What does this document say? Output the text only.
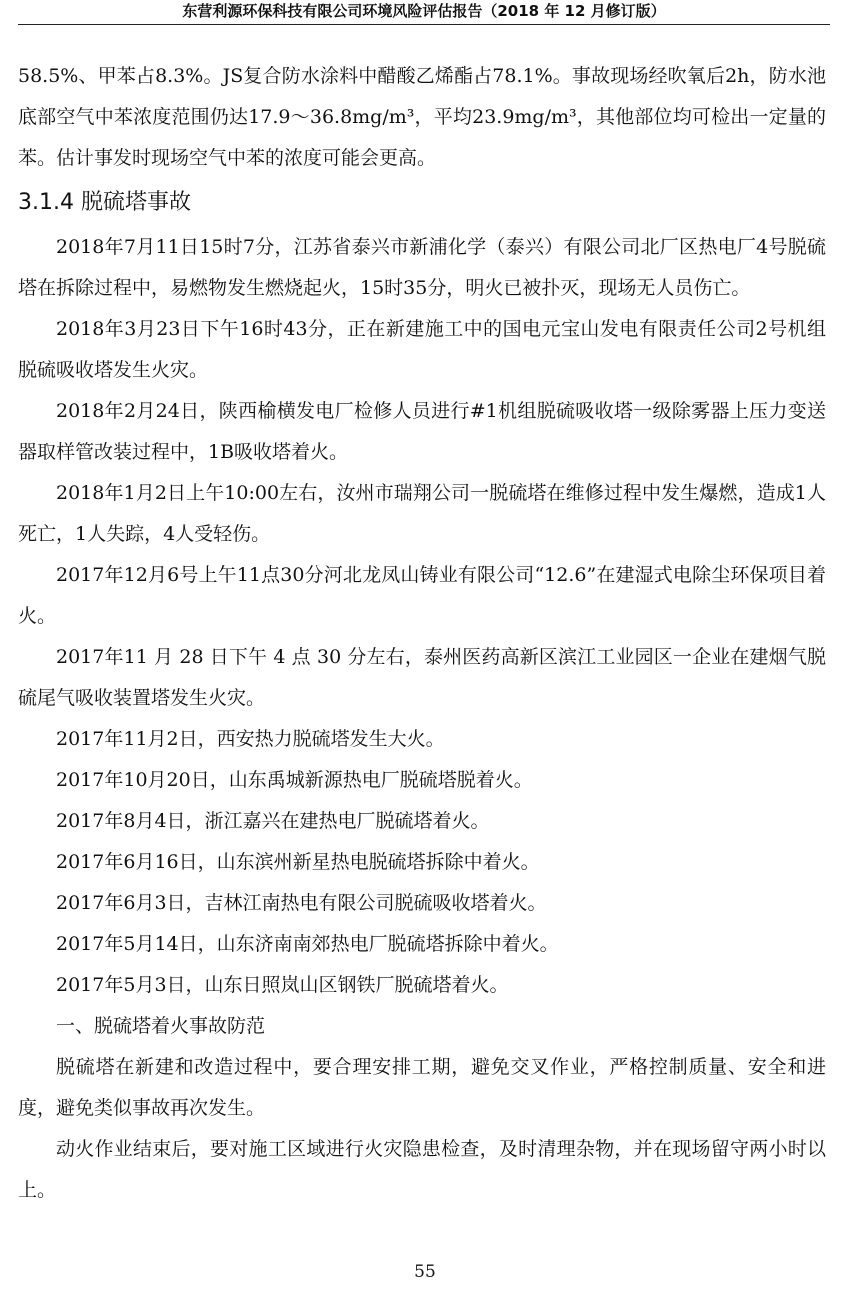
东营利源环保科技有限公司环境风险评估报告（2018 年 12 月修订版）

58.5%、甲苯占8.3%。JS复合防水涂料中醋酸乙烯酯占78.1%。事故现场经吹氧后2h，防水池底部空气中苯浓度范围仍达17.9～36.8mg/m³，平均23.9mg/m³，其他部位均可检出一定量的苯。估计事发时现场空气中苯的浓度可能会更高。

3.1.4 脱硫塔事故

2018年7月11日15时7分，江苏省泰兴市新浦化学（泰兴）有限公司北厂区热电厂4号脱硫塔在拆除过程中，易燃物发生燃烧起火，15时35分，明火已被扑灭，现场无人员伤亡。

2018年3月23日下午16时43分，正在新建施工中的国电元宝山发电有限责任公司2号机组脱硫吸收塔发生火灾。

2018年2月24日，陕西榆横发电厂检修人员进行#1机组脱硫吸收塔一级除雾器上压力变送器取样管改装过程中，1B吸收塔着火。

2018年1月2日上午10:00左右，汝州市瑞翔公司一脱硫塔在维修过程中发生爆燃，造成1人死亡，1人失踪，4人受轻伤。

2017年12月6号上午11点30分河北龙凤山铸业有限公司“12.6”在建湿式电除尘环保项目着火。

2017年11 月 28 日下午 4 点 30 分左右，泰州医药高新区滨江工业园区一企业在建烟气脱硫尾气吸收装置塔发生火灾。

2017年11月2日，西安热力脱硫塔发生大火。

2017年10月20日，山东禹城新源热电厂脱硫塔脱着火。

2017年8月4日，浙江嘉兴在建热电厂脱硫塔着火。

2017年6月16日，山东滨州新星热电脱硫塔拆除中着火。

2017年6月3日，吉林江南热电有限公司脱硫吸收塔着火。

2017年5月14日，山东济南南郊热电厂脱硫塔拆除中着火。

2017年5月3日，山东日照岚山区钢铁厂脱硫塔着火。

一、脱硫塔着火事故防范

脱硫塔在新建和改造过程中，要合理安排工期，避免交叉作业，严格控制质量、安全和进度，避免类似事故再次发生。

动火作业结束后，要对施工区域进行火灾隐患检查，及时清理杂物，并在现场留守两小时以上。

55
